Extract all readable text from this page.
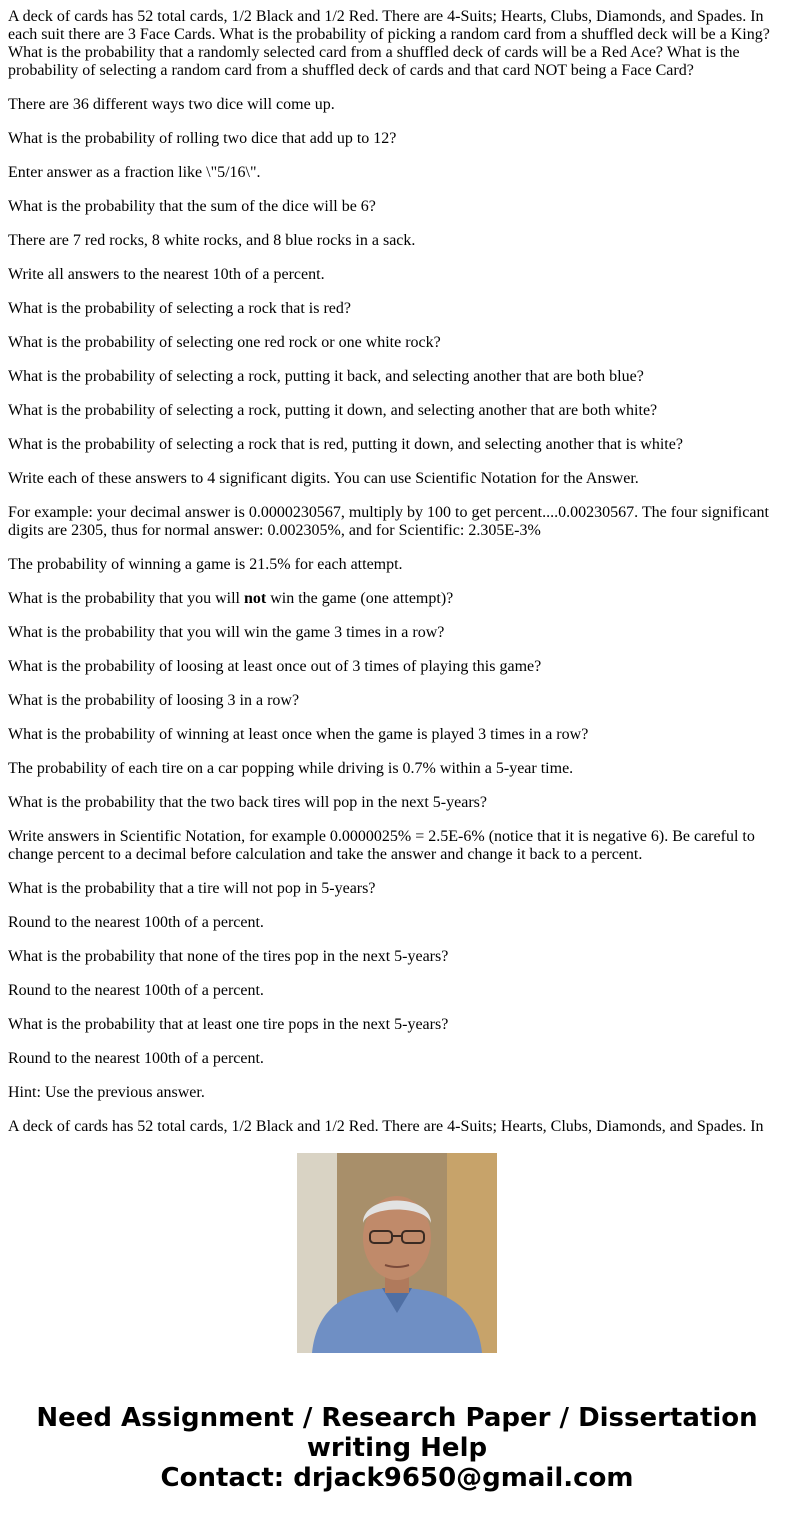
A deck of cards has 52 total cards, 1/2 Black and 1/2 Red. There are 4-Suits; Hearts, Clubs, Diamonds, and Spades. In each suit there are 3 Face Cards. What is the probability of picking a random card from a shuffled deck will be a King? What is the probability that a randomly selected card from a shuffled deck of cards will be a Red Ace? What is the probability of selecting a random card from a shuffled deck of cards and that card NOT being a Face Card?

There are 36 different ways two dice will come up.

What is the probability of rolling two dice that add up to 12?

Enter answer as a fraction like \"5/16\".

What is the probability that the sum of the dice will be 6?

There are 7 red rocks, 8 white rocks, and 8 blue rocks in a sack.

Write all answers to the nearest 10th of a percent.

What is the probability of selecting a rock that is red?

What is the probability of selecting one red rock or one white rock?

What is the probability of selecting a rock, putting it back, and selecting another that are both blue?

What is the probability of selecting a rock, putting it down, and selecting another that are both white?

What is the probability of selecting a rock that is red, putting it down, and selecting another that is white?

Write each of these answers to 4 significant digits. You can use Scientific Notation for the Answer.

For example: your decimal answer is 0.0000230567, multiply by 100 to get percent....0.00230567. The four significant digits are 2305, thus for normal answer: 0.002305%, and for Scientific: 2.305E-3%

The probability of winning a game is 21.5% for each attempt.

What is the probability that you will not win the game (one attempt)?

What is the probability that you will win the game 3 times in a row?

What is the probability of loosing at least once out of 3 times of playing this game?

What is the probability of loosing 3 in a row?

What is the probability of winning at least once when the game is played 3 times in a row?

The probability of each tire on a car popping while driving is 0.7% within a 5-year time.

What is the probability that the two back tires will pop in the next 5-years?

Write answers in Scientific Notation, for example 0.0000025% = 2.5E-6% (notice that it is negative 6). Be careful to change percent to a decimal before calculation and take the answer and change it back to a percent.

What is the probability that a tire will not pop in 5-years?

Round to the nearest 100th of a percent.

What is the probability that none of the tires pop in the next 5-years?

Round to the nearest 100th of a percent.

What is the probability that at least one tire pops in the next 5-years?

Round to the nearest 100th of a percent.

Hint: Use the previous answer.

A deck of cards has 52 total cards, 1/2 Black and 1/2 Red. There are 4-Suits; Hearts, Clubs, Diamonds, and Spades. In

Need Assignment / Research Paper / Dissertation
writing Help
Contact: drjack9650@gmail.com
